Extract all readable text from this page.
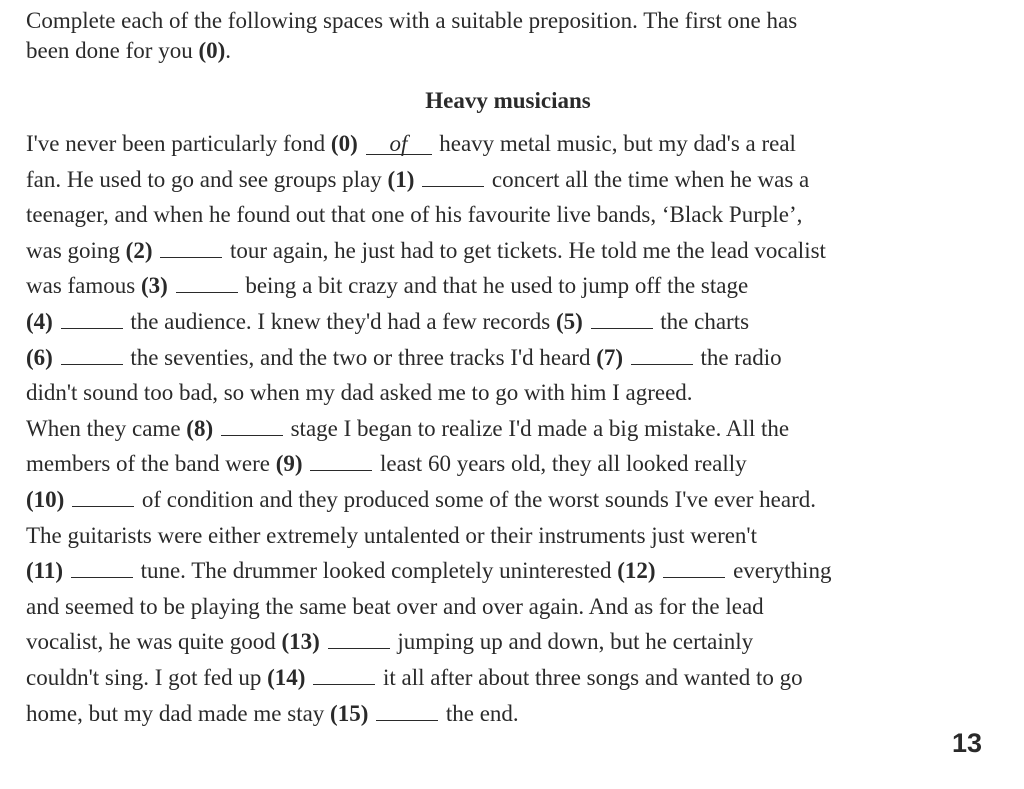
Complete each of the following spaces with a suitable preposition. The first one has
been done for you (0).
Heavy musicians
I've never been particularly fond (0) of heavy metal music, but my dad's a real
fan. He used to go and see groups play (1)	concert all the time when he was a
teenager, and when he found out that one of his favourite live bands, ‘Black Purple’,
was going (2)	tour again, he just had to get tickets. He told me the lead vocalist
was famous (3)	being a bit crazy and that he used to jump off the stage
(4)	the audience. I knew they'd had a few records (5)	the charts
(6)	the seventies, and the two or three tracks I'd heard (7)	the radio
didn't sound too bad, so when my dad asked me to go with him I agreed.
When they came (8)	stage I began to realize I'd made a big mistake. All the
members of the band were (9)	least 60 years old, they all looked really
(10)	of condition and they produced some of the worst sounds I've ever heard.
The guitarists were either extremely untalented or their instruments just weren't
(11)	tune. The drummer looked completely uninterested (12)	everything
and seemed to be playing the same beat over and over again. And as for the lead
vocalist, he was quite good (13)	jumping up and down, but he certainly
couldn't sing. I got fed up (14)	it all after about three songs and wanted to go
home, but my dad made me stay (15)	the end.
13
